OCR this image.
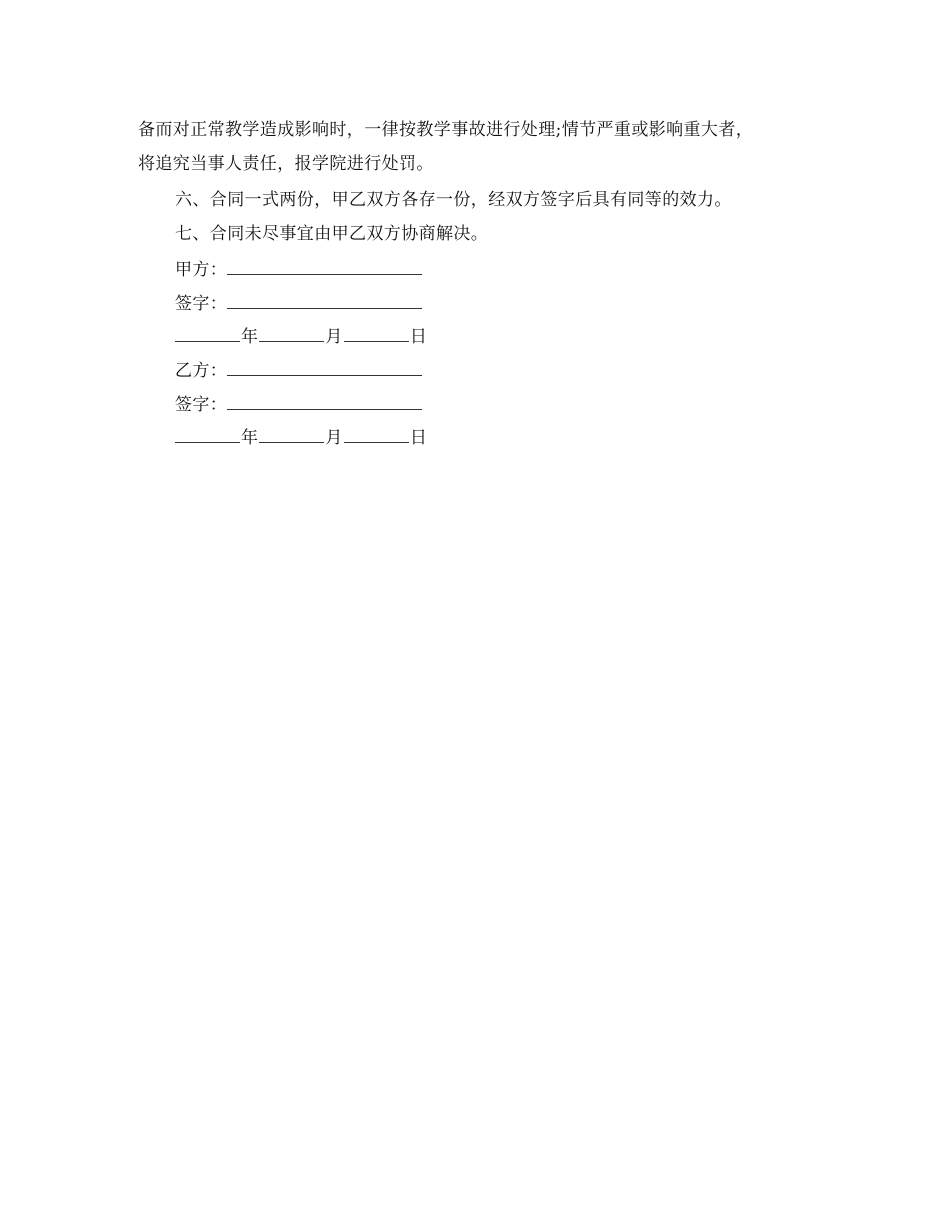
备而对正常教学造成影响时，一律按教学事故进行处理;情节严重或影响重大者，
将追究当事人责任，报学院进行处罚。
六、合同一式两份，甲乙双方各存一份，经双方签字后具有同等的效力。
七、合同未尽事宜由甲乙双方协商解决。
甲方：
签字：
年	月	日
乙方：
签字：
年	月	日
